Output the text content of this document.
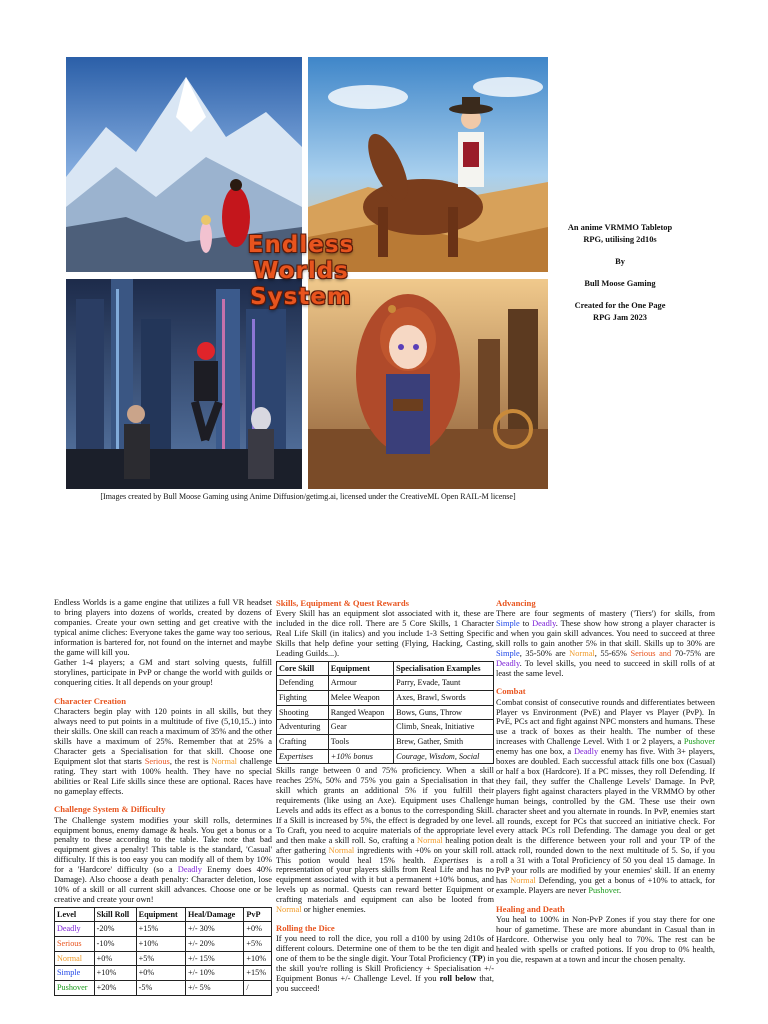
Endless
Worlds
System
[Images created by Bull Moose Gaming using Anime Diffusion/getimg.ai, licensed under the CreativeML Open RAIL-M license]

An anime VRMMO Tabletop RPG, utilising 2d10s

By

Bull Moose Gaming

Created for the One Page RPG Jam 2023

Endless Worlds is a game engine that utilizes a full VR headset to bring players into dozens of worlds, created by dozens of companies. Create your own setting and get creative with the typical anime cliches: Everyone takes the game way too serious, information is bartered for, not found on the internet and maybe the game will kill you.

Gather 1-4 players; a GM and start solving quests, fulfill storylines, participate in PvP or change the world with guilds or conquering cities. It all depends on your group!

Character Creation

Characters begin play with 120 points in all skills, but they always need to put points in a multitude of five (5,10,15..) into their skills. One skill can reach a maximum of 35% and the other skills have a maximum of 25%. Remember that at 25% a Character gets a Specialisation for that skill. Choose one Equipment slot that starts Serious, the rest is Normal challenge rating. They start with 100% health. They have no special abilities or Real Life skills since these are optional. Races have no gameplay effects.

Challenge System & Difficulty

The Challenge system modifies your skill rolls, determines equipment bonus, enemy damage & heals. You get a bonus or a penalty to these according to the table. Take note that bad equipment gives a penalty! This table is the standard, 'Casual' difficulty. If this is too easy you can modify all of them by 10% for a 'Hardcore' difficulty (so a Deadly Enemy does 40% Damage). Also choose a death penalty: Character deletion, lose 10% of a skill or all current skill advances. Choose one or be creative and create your own!

Level	Skill Roll	Equipment	Heal/Damage	PvP
Deadly	-20%	+15%	+/- 30%	+0%
Serious	-10%	+10%	+/- 20%	+5%
Normal	+0%	+5%	+/- 15%	+10%
Simple	+10%	+0%	+/- 10%	+15%
Pushover	+20%	-5%	+/- 5%	/
Skills, Equipment & Quest Rewards

Every Skill has an equipment slot associated with it, these are included in the dice roll. There are 5 Core Skills, 1 Character Real Life Skill (in italics) and you include 1-3 Setting Specific Skills that help define your setting (Flying, Hacking, Casting, Leading Guilds...).

Core Skill	Equipment	Specialisation Examples
Defending	Armour	Parry, Evade, Taunt
Fighting	Melee Weapon	Axes, Brawl, Swords
Shooting	Ranged Weapon	Bows, Guns, Throw
Adventuring	Gear	Climb, Sneak, Initiative
Crafting	Tools	Brew, Gather, Smith
Expertises	+10% bonus	Courage, Wisdom, Social

Skills range between 0 and 75% proficiency. When a skill reaches 25%, 50% and 75% you gain a Specialisation in that skill which grants an additional 5% if you fulfill their requirements (like using an Axe). Equipment uses Challenge Levels and adds its effect as a bonus to the corresponding Skill. If a Skill is increased by 5%, the effect is degraded by one level. To Craft, you need to acquire materials of the appropriate level and then make a skill roll. So, crafting a Normal healing potion after gathering Normal ingredients with +0% on your skill roll. This potion would heal 15% health. Expertises is a representation of your players skills from Real Life and has no equipment associated with it but a permanent +10% bonus, and levels up as normal. Quests can reward better Equipment or crafting materials and equipment can also be looted from Normal or higher enemies.

Rolling the Dice

If you need to roll the dice, you roll a d100 by using 2d10s of different colours. Determine one of them to be the ten digit and one of them to be the single digit. Your Total Proficiency (TP) in the skill you're rolling is Skill Proficiency + Specialisation +/- Equipment Bonus +/- Challenge Level. If you roll below that, you succeed!

Advancing

There are four segments of mastery ('Tiers') for skills, from Simple to Deadly. These show how strong a player character is and when you gain skill advances. You need to succeed at three skill rolls to gain another 5% in that skill. Skills up to 30% are Simple, 35-50% are Normal, 55-65% Serious and 70-75% are Deadly. To level skills, you need to succeed in skill rolls of at least the same level.

Combat

Combat consist of consecutive rounds and differentiates between Player vs Environment (PvE) and Player vs Player (PvP). In PvE, PCs act and fight against NPC monsters and humans. These use a track of boxes as their health. The number of these increases with Challenge Level. With 1 or 2 players, a Pushover enemy has one box, a Deadly enemy has five. With 3+ players, boxes are doubled. Each successful attack fills one box (Casual) or half a box (Hardcore). If a PC misses, they roll Defending. If they fail, they suffer the Challenge Levels' Damage. In PvP, players fight against characters played in the VRMMO by other human beings, controlled by the GM. These use their own character sheet and you alternate in rounds. In PvP, enemies start all rounds, except for PCs that succeed an initiative check. For every attack PCs roll Defending. The damage you deal or get dealt is the difference between your roll and your TP of the attack roll, rounded down to the next multitude of 5. So, if you roll a 31 with a Total Proficiency of 50 you deal 15 damage. In PvP your rolls are modified by your enemies' skill. If an enemy has Normal Defending, you get a bonus of +10% to attack, for example. Players are never Pushover.

Healing and Death

You heal to 100% in Non-PvP Zones if you stay there for one hour of gametime. These are more abundant in Casual than in Hardcore. Otherwise you only heal to 70%. The rest can be healed with spells or crafted potions. If you drop to 0% health, you die, respawn at a town and incur the chosen penalty.
